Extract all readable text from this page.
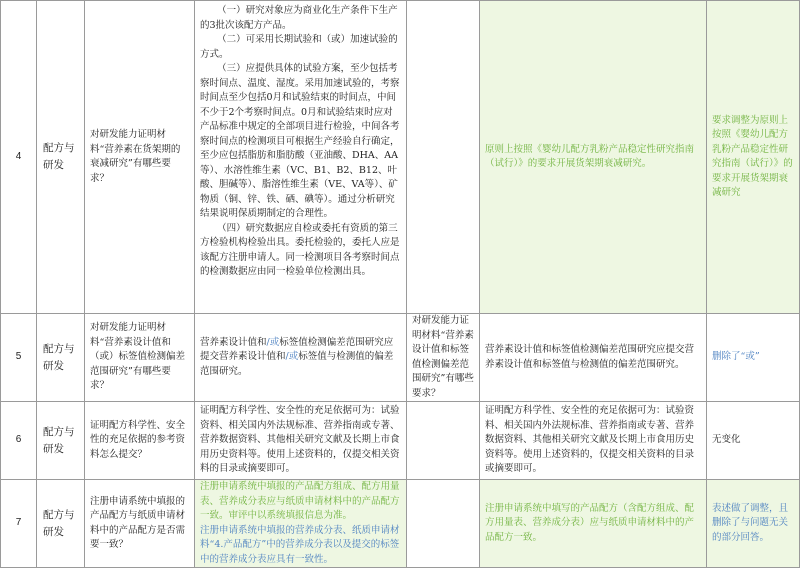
4	配方与研发	对研发能力证明材料“营养素在货架期的衰减研究”有哪些要求？	（一）研究对象应为商业化生产条件下生产的3批次该配方产品。

（二）可采用长期试验和（或）加速试验的方式。

（三）应提供具体的试验方案，至少包括考察时间点、温度、湿度。采用加速试验的，考察时间点至少包括0月和试验结束的时间点，中间不少于2个考察时间点。0月和试验结束时应对产品标准中规定的全部项目进行检验，中间各考察时间点的检测项目可根据生产经验自行确定，至少应包括脂肪和脂肪酸（亚油酸、DHA、AA等）、水溶性维生素（VC、B1、B2、B12、叶酸、胆碱等）、脂溶性维生素（VE、VA等）、矿物质（铜、锌、铁、硒、碘等）。通过分析研究结果说明保质期制定的合理性。

（四）研究数据应自检或委托有资质的第三方检验机构检验出具。委托检验的，委托人应是该配方注册申请人。同一检测项目各考察时间点的检测数据应由同一检验单位检测出具。		原则上按照《婴幼儿配方乳粉产品稳定性研究指南（试行）》的要求开展货架期衰减研究。	要求调整为原则上按照《婴幼儿配方乳粉产品稳定性研究指南（试行）》的要求开展货架期衰减研究
5	配方与研发	对研发能力证明材料“营养素设计值和（或）标签值检测偏差范围研究”有哪些要求？	营养素设计值和/或标签值检测偏差范围研究应提交营养素设计值和/或标签值与检测值的偏差范围研究。	对研发能力证明材料“营养素设计值和标签值检测偏差范围研究”有哪些要求？	营养素设计值和标签值检测偏差范围研究应提交营养素设计值和标签值与检测值的偏差范围研究。	删除了“或”
6	配方与研发	证明配方科学性、安全性的充足依据的参考资料怎么提交？	证明配方科学性、安全性的充足依据可为：试验资料、相关国内外法规标准、营养指南或专著、营养数据资料、其他相关研究文献及长期上市食用历史资料等。使用上述资料的，仅提交相关资料的目录或摘要即可。		证明配方科学性、安全性的充足依据可为：试验资料、相关国内外法规标准、营养指南或专著、营养数据资料、其他相关研究文献及长期上市食用历史资料等。使用上述资料的，仅提交相关资料的目录或摘要即可。	无变化
7	配方与研发	注册申请系统中填报的产品配方与纸质申请材料中的产品配方是否需要一致？	注册申请系统中填报的产品配方组成、配方用量表、营养成分表应与纸质申请材料中的产品配方一致。审评中以系统填报信息为准。
注册申请系统中填报的营养成分表、纸质申请材料“4.产品配方”中的营养成分表以及提交的标签中的营养成分表应具有一致性。		注册申请系统中填写的产品配方（含配方组成、配方用量表、营养成分表）应与纸质申请材料中的产品配方一致。	表述做了调整，且删除了与问题无关的部分回答。
